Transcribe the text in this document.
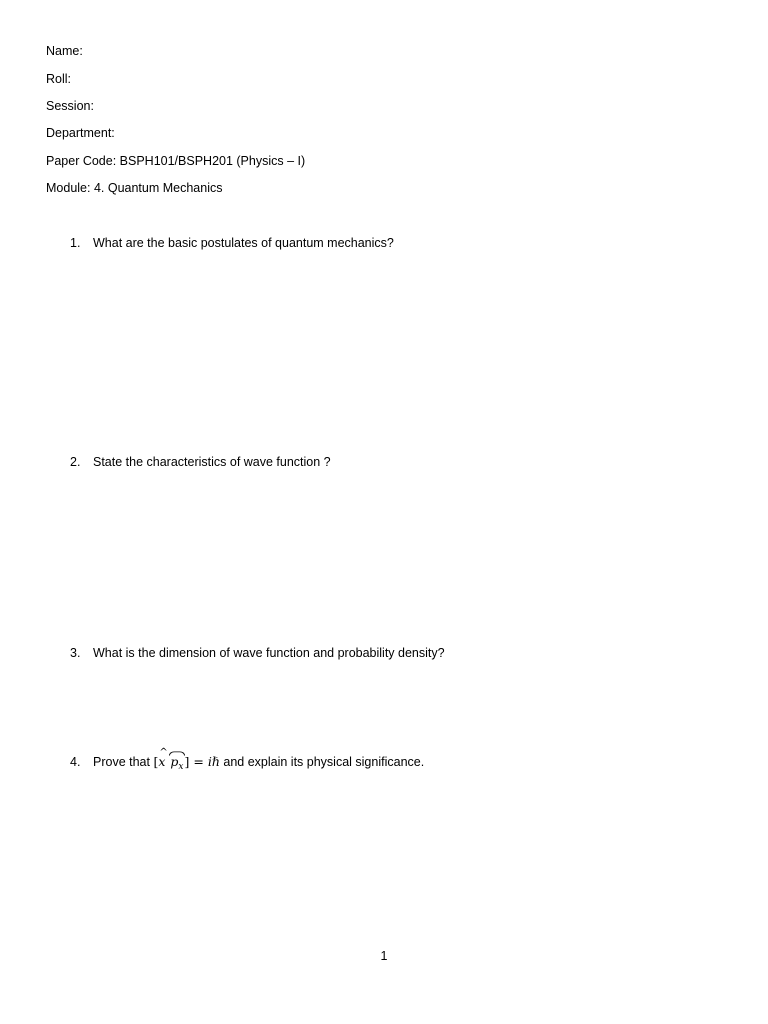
Name:
Roll:
Session:
Department:
Paper Code: BSPH101/BSPH201 (Physics – I)
Module: 4. Quantum Mechanics
1. What are the basic postulates of quantum mechanics?
2. State the characteristics of wave function ?
3. What is the dimension of wave function and probability density?
4. Prove that [^ x $p_x$] = iℏ and explain its physical significance.
1
